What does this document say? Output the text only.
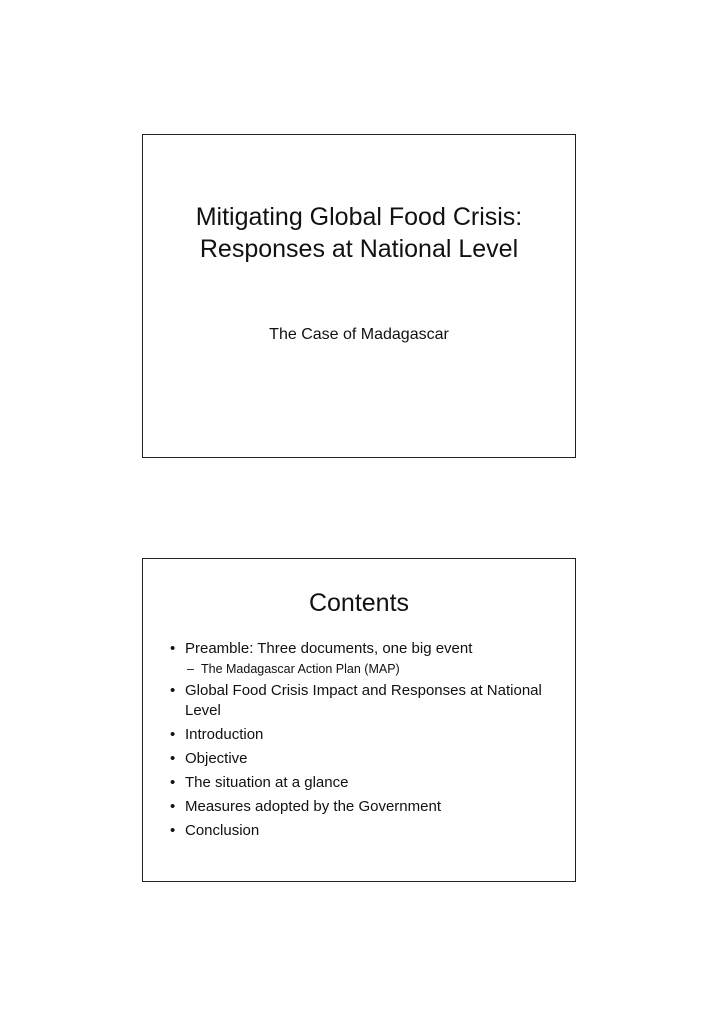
Mitigating Global Food Crisis:
Responses at National Level
The Case of Madagascar
Contents
• Preamble: Three documents, one big event
– The Madagascar Action Plan (MAP)
• Global Food Crisis Impact and Responses at National Level
• Introduction
• Objective
• The situation at a glance
• Measures adopted by the Government
• Conclusion
